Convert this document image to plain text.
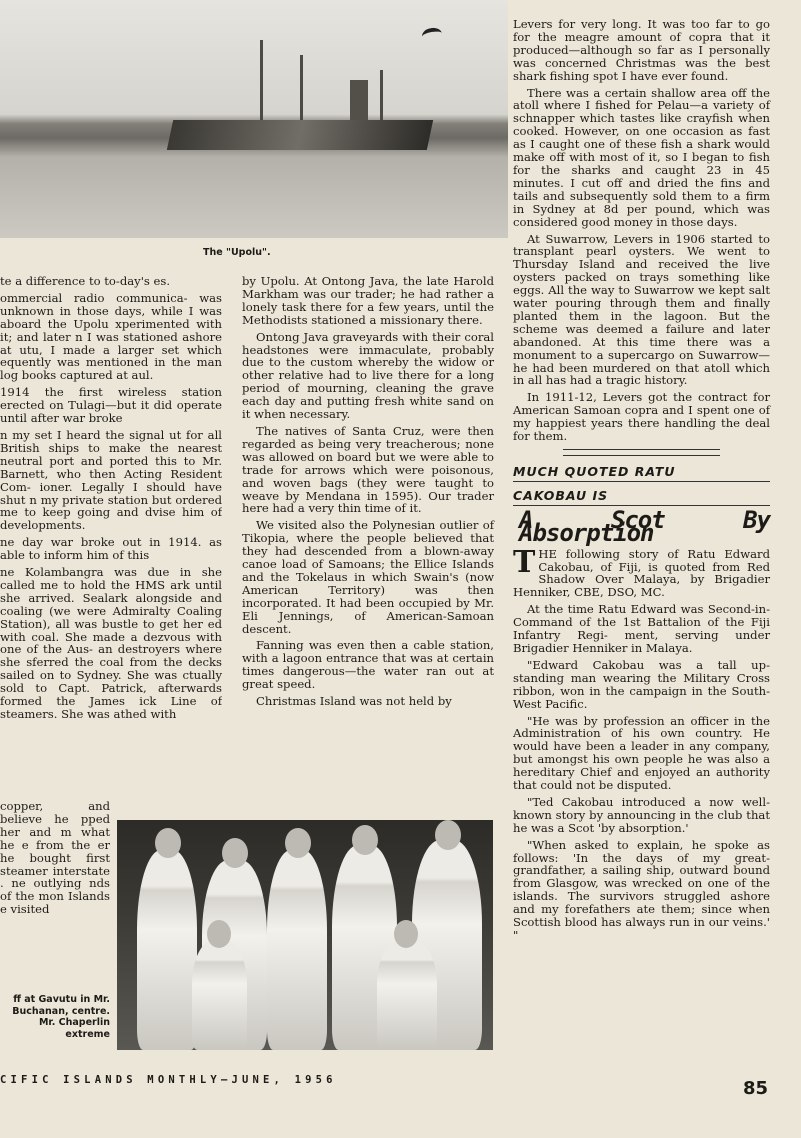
The "Upolu".

te a difference to to-day's es.

ommercial radio communica- was unknown in those days, while I was aboard the Upolu xperimented with it; and later n I was stationed ashore at utu, I made a larger set which equently was mentioned in the man log books captured at aul.

1914 the first wireless station erected on Tulagi—but it did operate until after war broke

n my set I heard the signal ut for all British ships to make the nearest neutral port and ported this to Mr. Barnett, who then Acting Resident Com- ioner. Legally I should have shut n my private station but ordered me to keep going and dvise him of developments.

ne day war broke out in 1914. as able to inform him of this

ne Kolambangra was due in she called me to hold the HMS ark until she arrived. Sealark alongside and coaling (we were Admiralty Coaling Station), all was bustle to get her ed with coal. She made a dezvous with one of the Aus- an destroyers where she sferred the coal from the decks sailed on to Sydney. She was ctually sold to Capt. Patrick, afterwards formed the James ick Line of steamers. She was athed with

copper, and believe he pped her and m what he e from the er he bought first steamer interstate . ne outlying nds of the mon Islands e visited

by Upolu. At Ontong Java, the late Harold Markham was our trader; he had rather a lonely task there for a few years, until the Methodists stationed a missionary there.

Ontong Java graveyards with their coral headstones were immaculate, probably due to the custom whereby the widow or other relative had to live there for a long period of mourning, cleaning the grave each day and putting fresh white sand on it when necessary.

The natives of Santa Cruz, were then regarded as being very treacherous; none was allowed on board but we were able to trade for arrows which were poisonous, and woven bags (they were taught to weave by Mendana in 1595). Our trader here had a very thin time of it.

We visited also the Polynesian outlier of Tikopia, where the people believed that they had descended from a blown-away canoe load of Samoans; the Ellice Islands and the Tokelaus in which Swain's (now American Territory) was then incorporated. It had been occupied by Mr. Eli Jennings, of American-Samoan descent.

Fanning was even then a cable station, with a lagoon entrance that was at certain times dangerous—the water ran out at great speed.

Christmas Island was not held by

Levers for very long. It was too far to go for the meagre amount of copra that it produced—although so far as I personally was concerned Christmas was the best shark fishing spot I have ever found.

There was a certain shallow area off the atoll where I fished for Pelau—a variety of schnapper which tastes like crayfish when cooked. However, on one occasion as fast as I caught one of these fish a shark would make off with most of it, so I began to fish for the sharks and caught 23 in 45 minutes. I cut off and dried the fins and tails and subsequently sold them to a firm in Sydney at 8d per pound, which was considered good money in those days.

At Suwarrow, Levers in 1906 started to transplant pearl oysters. We went to Thursday Island and received the live oysters packed on trays something like eggs. All the way to Suwarrow we kept salt water pouring through them and finally planted them in the lagoon. But the scheme was deemed a failure and later abandoned. At this time there was a monument to a supercargo on Suwarrow—he had been murdered on that atoll which in all has had a tragic history.

In 1911-12, Levers got the contract for American Samoan copra and I spent one of my happiest years there handling the deal for them.

MUCH QUOTED RATU
CAKOBAU IS
A Scot By Absorption

THE following story of Ratu Edward Cakobau, of Fiji, is quoted from Red Shadow Over Malaya, by Brigadier Henniker, CBE, DSO, MC.

At the time Ratu Edward was Second-in-Command of the 1st Battalion of the Fiji Infantry Regi- ment, serving under Brigadier Henniker in Malaya.

"Edward Cakobau was a tall up- standing man wearing the Military Cross ribbon, won in the campaign in the South-West Pacific.

"He was by profession an officer in the Administration of his own country. He would have been a leader in any company, but amongst his own people he was also a hereditary Chief and enjoyed an authority that could not be disputed.

"Ted Cakobau introduced a now well-known story by announcing in the club that he was a Scot 'by absorption.'

"When asked to explain, he spoke as follows: 'In the days of my great-grandfather, a sailing ship, outward bound from Glasgow, was wrecked on one of the islands. The survivors struggled ashore and my forefathers ate them; since when Scottish blood has always run in our veins.' "

ff at Gavutu in Mr. Buchanan, centre. Mr. Chaperlin extreme
CIFIC ISLANDS MONTHLY—JUNE, 1956	85
